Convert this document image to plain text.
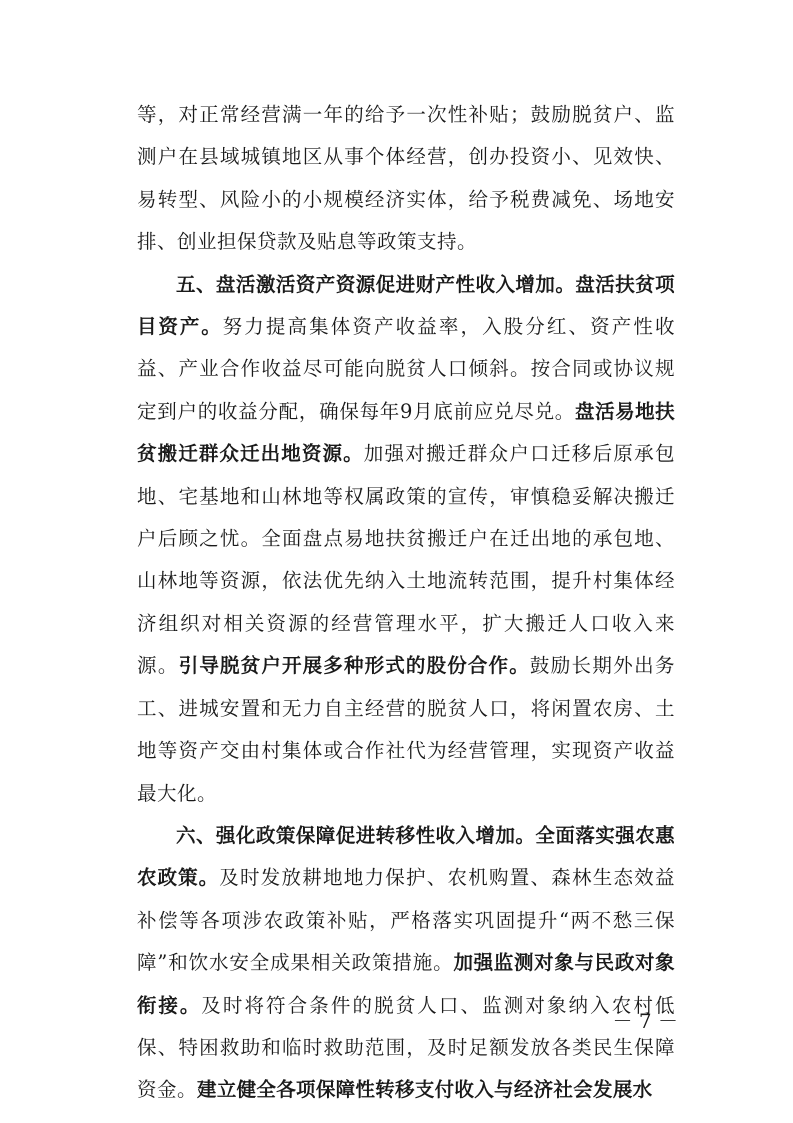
等，对正常经营满一年的给予一次性补贴；鼓励脱贫户、监测户在县域城镇地区从事个体经营，创办投资小、见效快、易转型、风险小的小规模经济实体，给予税费减免、场地安排、创业担保贷款及贴息等政策支持。

五、盘活激活资产资源促进财产性收入增加。盘活扶贫项目资产。努力提高集体资产收益率，入股分红、资产性收益、产业合作收益尽可能向脱贫人口倾斜。按合同或协议规定到户的收益分配，确保每年9月底前应兑尽兑。盘活易地扶贫搬迁群众迁出地资源。加强对搬迁群众户口迁移后原承包地、宅基地和山林地等权属政策的宣传，审慎稳妥解决搬迁户后顾之忧。全面盘点易地扶贫搬迁户在迁出地的承包地、山林地等资源，依法优先纳入土地流转范围，提升村集体经济组织对相关资源的经营管理水平，扩大搬迁人口收入来源。引导脱贫户开展多种形式的股份合作。鼓励长期外出务工、进城安置和无力自主经营的脱贫人口，将闲置农房、土地等资产交由村集体或合作社代为经营管理，实现资产收益最大化。

六、强化政策保障促进转移性收入增加。全面落实强农惠农政策。及时发放耕地地力保护、农机购置、森林生态效益补偿等各项涉农政策补贴，严格落实巩固提升“两不愁三保障”和饮水安全成果相关政策措施。加强监测对象与民政对象衔接。及时将符合条件的脱贫人口、监测对象纳入农村低保、特困救助和临时救助范围，及时足额发放各类民生保障资金。建立健全各项保障性转移支付收入与经济社会发展水

－ 7 －
